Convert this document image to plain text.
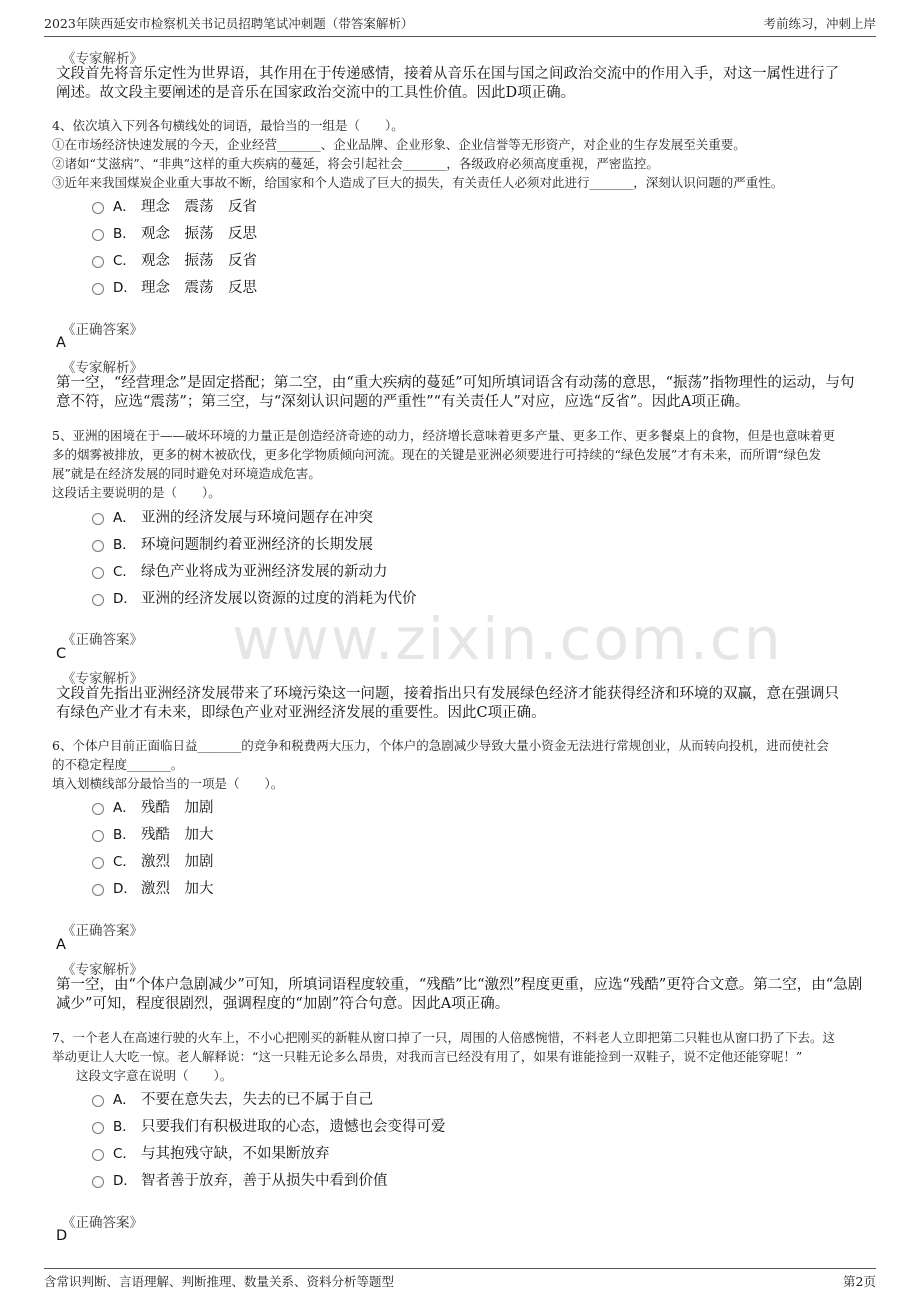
2023年陕西延安市检察机关书记员招聘笔试冲刺题（带答案解析）	考前练习，冲刺上岸
www.zixin.com.cn
《专家解析》
文段首先将音乐定性为世界语，其作用在于传递感情，接着从音乐在国与国之间政治交流中的作用入手，对这一属性进行了
阐述。故文段主要阐述的是音乐在国家政治交流中的工具性价值。因此D项正确。
4、依次填入下列各句横线处的词语，最恰当的一组是（　　）。
①在市场经济快速发展的今天，企业经营_______、企业品牌、企业形象、企业信誉等无形资产，对企业的生存发展至关重要。
②诸如“艾滋病”、“非典”这样的重大疾病的蔓延，将会引起社会_______，各级政府必须高度重视，严密监控。
③近年来我国煤炭企业重大事故不断，给国家和个人造成了巨大的损失，有关责任人必须对此进行_______，深刻认识问题的严重性。
A． 理念　震荡　反省
B． 观念　振荡　反思
C． 观念　振荡　反省
D． 理念　震荡　反思
《正确答案》
A
《专家解析》
第一空，“经营理念”是固定搭配；第二空，由“重大疾病的蔓延”可知所填词语含有动荡的意思，“振荡”指物理性的运动，与句
意不符，应选“震荡”；第三空，与“深刻认识问题的严重性”“有关责任人”对应，应选“反省”。因此A项正确。
5、亚洲的困境在于——破坏环境的力量正是创造经济奇迹的动力，经济增长意味着更多产量、更多工作、更多餐桌上的食物，但是也意味着更
多的烟雾被排放，更多的树木被砍伐，更多化学物质倾向河流。现在的关键是亚洲必须要进行可持续的“绿色发展”才有未来，而所谓“绿色发
展”就是在经济发展的同时避免对环境造成危害。
这段话主要说明的是（　　）。
A． 亚洲的经济发展与环境问题存在冲突
B． 环境问题制约着亚洲经济的长期发展
C． 绿色产业将成为亚洲经济发展的新动力
D． 亚洲的经济发展以资源的过度的消耗为代价
《正确答案》
C
《专家解析》
文段首先指出亚洲经济发展带来了环境污染这一问题，接着指出只有发展绿色经济才能获得经济和环境的双赢，意在强调只
有绿色产业才有未来，即绿色产业对亚洲经济发展的重要性。因此C项正确。
6、个体户目前正面临日益_______的竞争和税费两大压力，个体户的急剧减少导致大量小资金无法进行常规创业，从而转向投机，进而使社会
的不稳定程度_______。
填入划横线部分最恰当的一项是（　　）。
A． 残酷　加剧
B． 残酷　加大
C． 激烈　加剧
D． 激烈　加大
《正确答案》
A
《专家解析》
第一空，由“个体户急剧减少”可知，所填词语程度较重，“残酷”比“激烈”程度更重，应选“残酷”更符合文意。第二空，由“急剧
减少”可知，程度很剧烈，强调程度的“加剧”符合句意。因此A项正确。
7、一个老人在高速行驶的火车上，不小心把刚买的新鞋从窗口掉了一只，周围的人倍感惋惜，不料老人立即把第二只鞋也从窗口扔了下去。这
举动更让人大吃一惊。老人解释说：“这一只鞋无论多么昂贵，对我而言已经没有用了，如果有谁能捡到一双鞋子，说不定他还能穿呢！”
这段文字意在说明（　　）。
A． 不要在意失去，失去的已不属于自己
B． 只要我们有积极进取的心态，遗憾也会变得可爱
C． 与其抱残守缺，不如果断放弃
D． 智者善于放弃，善于从损失中看到价值
《正确答案》
D
含常识判断、言语理解、判断推理、数量关系、资料分析等题型	第2页
